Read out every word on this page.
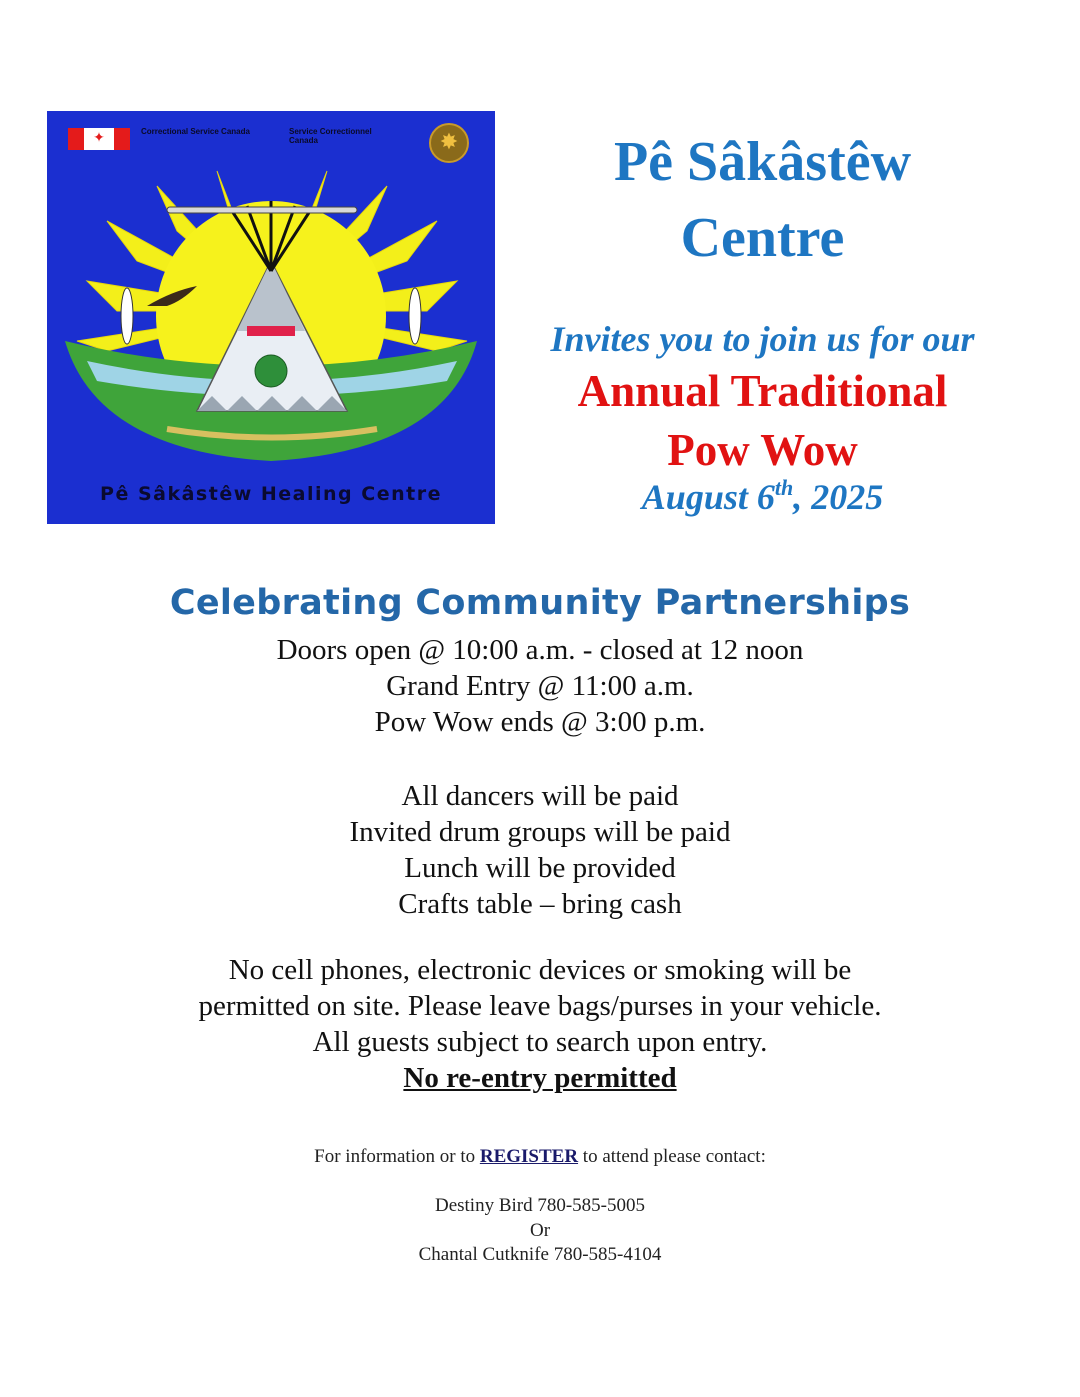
✦	Correctional Service Canada	Service Correctionnel Canada	✸
Pê Sâkâstêw Healing Centre
Pê Sâkâstêw
Centre
Invites you to join us for our
Annual Traditional
Pow Wow
August 6th, 2025
Celebrating Community Partnerships
Doors open @ 10:00 a.m. - closed at 12 noon
Grand Entry @ 11:00 a.m.
Pow Wow ends @ 3:00 p.m.
All dancers will be paid
Invited drum groups will be paid
Lunch will be provided
Crafts table – bring cash
No cell phones, electronic devices or smoking will be
permitted on site. Please leave bags/purses in your vehicle.
All guests subject to search upon entry.
No re-entry permitted
For information or to REGISTER to attend please contact:
Destiny Bird 780-585-5005
Or
Chantal Cutknife 780-585-4104
